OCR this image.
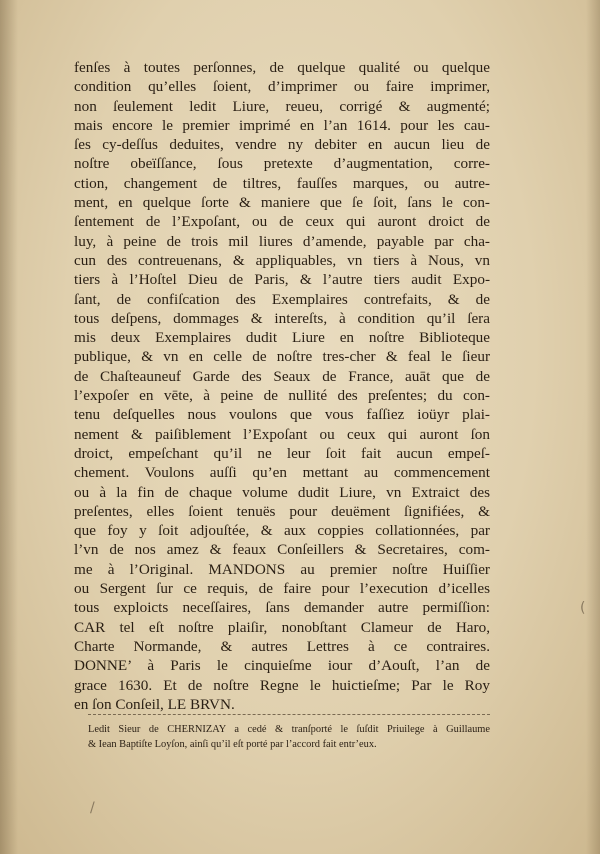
fenſes à toutes perſonnes, de quelque qualité ou quelque
condition qu’elles ſoient, d’imprimer ou faire imprimer,
non ſeulement ledit Liure, reueu, corrigé & augmenté;
mais encore le premier imprimé en l’an 1614. pour les cau-
ſes cy-deſſus deduites, vendre ny debiter en aucun lieu de
noſtre obeïſſance, ſous pretexte d’augmentation, corre-
ction, changement de tiltres, fauſſes marques, ou autre-
ment, en quelque ſorte & maniere que ſe ſoit, ſans le con-
ſentement de l’Expoſant, ou de ceux qui auront droict de
luy, à peine de trois mil liures d’amende, payable par cha-
cun des contreuenans, & appliquables, vn tiers à Nous, vn
tiers à l’Hoſtel Dieu de Paris, & l’autre tiers audit Expo-
ſant, de confiſcation des Exemplaires contrefaits, & de
tous deſpens, dommages & intereſts, à condition qu’il ſera
mis deux Exemplaires dudit Liure en noſtre Biblioteque
publique, & vn en celle de noſtre tres-cher & feal le ſieur
de Chaſteauneuf Garde des Seaux de France, auāt que de
l’expoſer en vēte, à peine de nullité des preſentes; du con-
tenu deſquelles nous voulons que vous faſſiez ioüyr plai-
nement & paiſiblement l’Expoſant ou ceux qui auront ſon
droict, empeſchant qu’il ne leur ſoit fait aucun empeſ-
chement. Voulons auſſi qu’en mettant au commencement
ou à la fin de chaque volume dudit Liure, vn Extraict des
preſentes, elles ſoient tenuës pour deuëment ſignifiées, &
que foy y ſoit adjouſtée, & aux coppies collationnées, par
l’vn de nos amez & feaux Conſeillers & Secretaires, com-
me à l’Original. MANDONS au premier noſtre Huiſſier
ou Sergent ſur ce requis, de faire pour l’execution d’icelles
tous exploicts neceſſaires, ſans demander autre permiſſion:
CAR tel eſt noſtre plaiſir, nonobſtant Clameur de Haro,
Charte Normande, & autres Lettres à ce contraires.
DONNE’ à Paris le cinquieſme iour d’Aouſt, l’an de
grace 1630. Et de noſtre Regne le huictieſme; Par le Roy
en ſon Conſeil, LE BRVN.
Ledit Sieur de CHERNIZAY a cedé & tranſporté le ſuſdit Priuilege à Guillaume
& Iean Baptiſte Loyſon, ainſi qu’il eſt porté par l’accord fait entr’eux.
/
(
